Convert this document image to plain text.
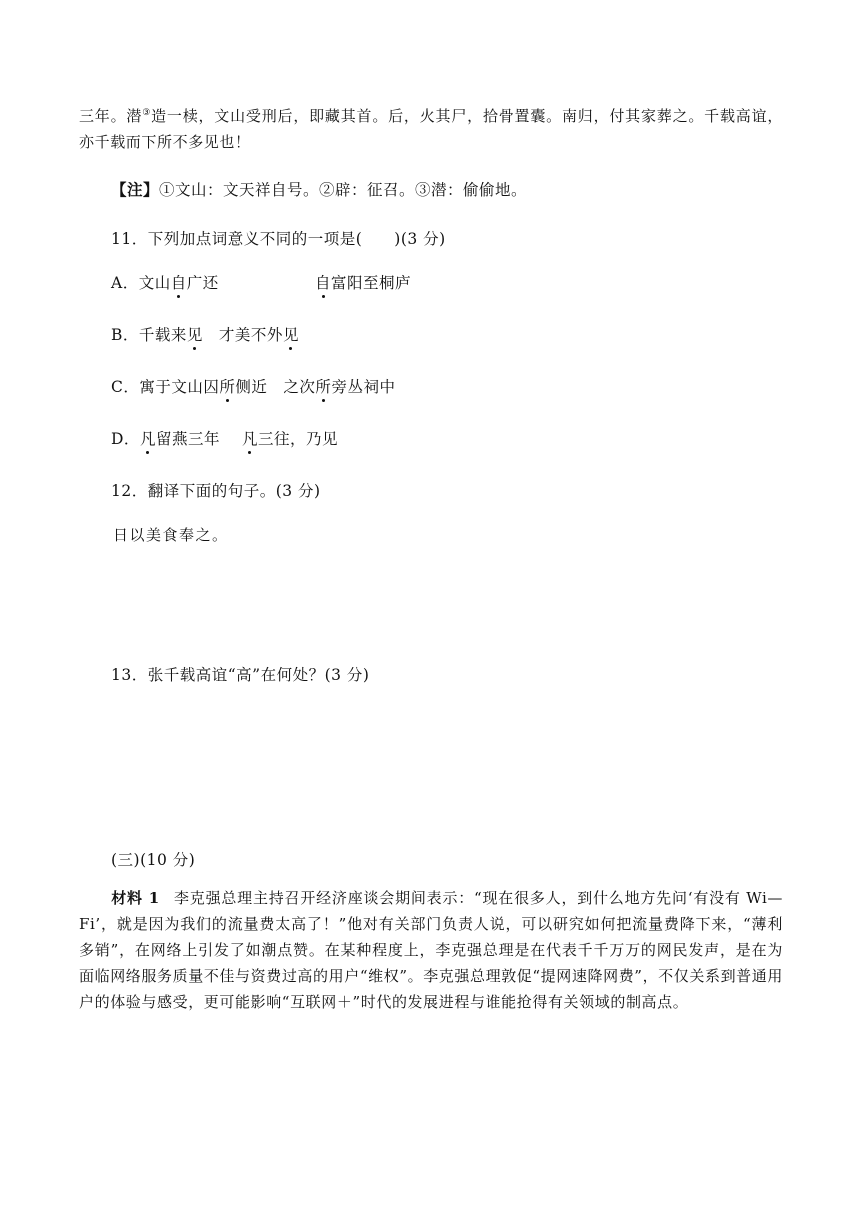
三年。潜③造一椟，文山受刑后，即藏其首。后，火其尸，拾骨置囊。南归，付其家葬之。千载高谊，亦千载而下所不多见也！
【注】①文山：文天祥自号。②辟：征召。③潜：偷偷地。
11．下列加点词意义不同的一项是(　　)(3 分)
A．文山自广还	自富阳至桐庐
B．千载来见 才美不外见
C．寓于文山囚所侧近 之次所旁丛祠中
D．凡留燕三年 凡三往，乃见
12．翻译下面的句子。(3 分)
日以美食奉之。
13．张千载高谊“高”在何处？(3 分)
(三)(10 分)
材料 1 李克强总理主持召开经济座谈会期间表示：“现在很多人，到什么地方先问‘有没有 Wi—Fi’，就是因为我们的流量费太高了！”他对有关部门负责人说，可以研究如何把流量费降下来，“薄利多销”，在网络上引发了如潮点赞。在某种程度上，李克强总理是在代表千千万万的网民发声，是在为面临网络服务质量不佳与资费过高的用户“维权”。李克强总理敦促“提网速降网费”，不仅关系到普通用户的体验与感受，更可能影响“互联网＋”时代的发展进程与谁能抢得有关领域的制高点。
